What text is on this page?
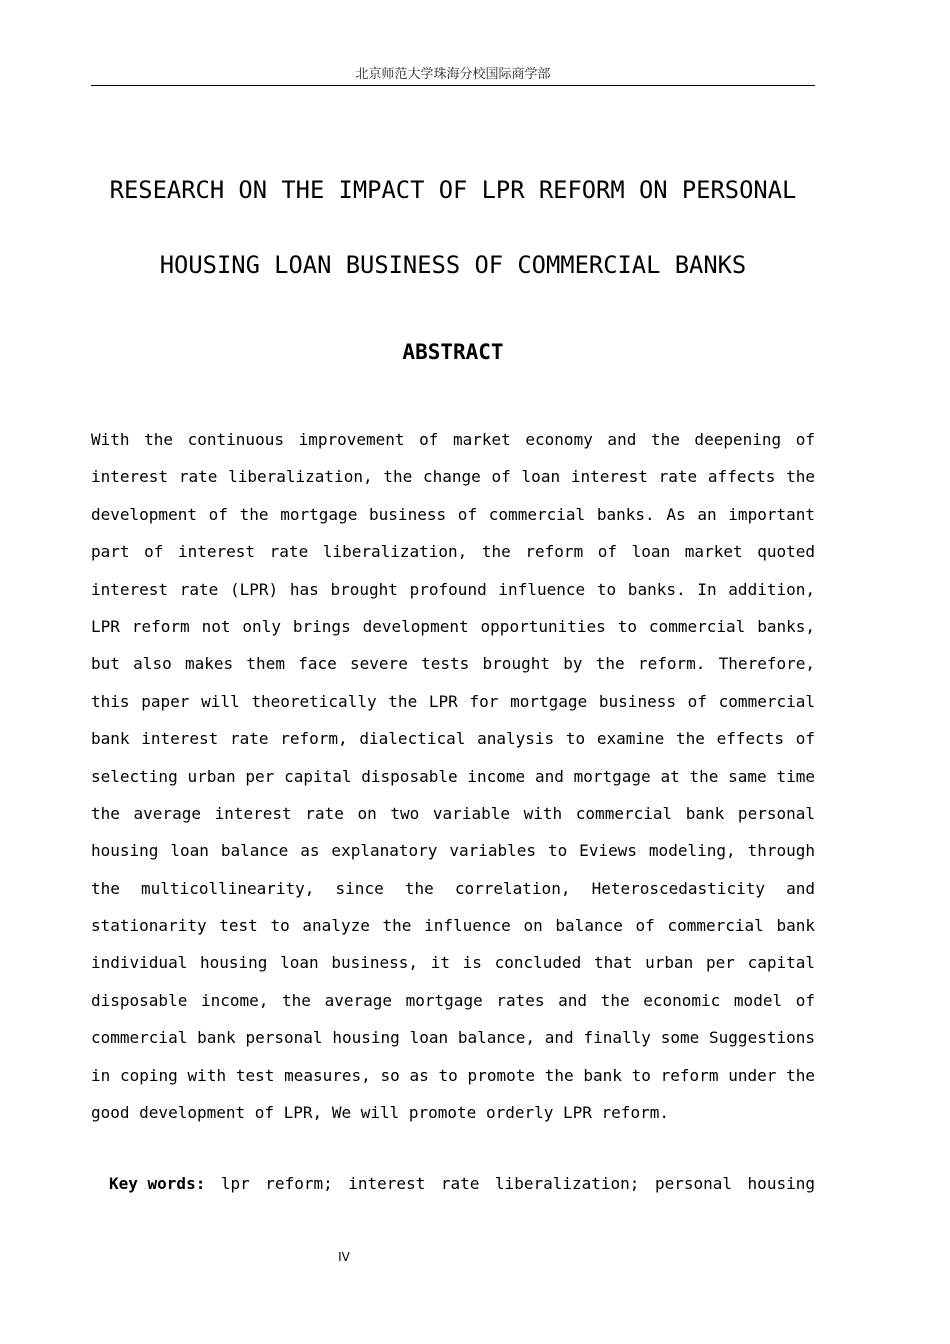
北京师范大学珠海分校国际商学部
RESEARCH ON THE IMPACT OF LPR REFORM ON PERSONAL
HOUSING LOAN BUSINESS OF COMMERCIAL BANKS
ABSTRACT
With the continuous improvement of market economy and the deepening of
interest rate liberalization, the change of loan interest rate affects the
development of the mortgage business of commercial banks. As an important
part of interest rate liberalization, the reform of loan market quoted
interest rate (LPR) has brought profound influence to banks. In addition,
LPR reform not only brings development opportunities to commercial banks,
but also makes them face severe tests brought by the reform. Therefore,
this paper will theoretically the LPR for mortgage business of commercial
bank interest rate reform, dialectical analysis to examine the effects of
selecting urban per capital disposable income and mortgage at the same time
the average interest rate on two variable with commercial bank personal
housing loan balance as explanatory variables to Eviews modeling, through
the multicollinearity, since the correlation, Heteroscedasticity and
stationarity test to analyze the influence on balance of commercial bank
individual housing loan business, it is concluded that urban per capital
disposable income, the average mortgage rates and the economic model of
commercial bank personal housing loan balance, and finally some Suggestions
in coping with test measures, so as to promote the bank to reform under the
good development of LPR, We will promote orderly LPR reform.
Key words: lpr reform; interest rate liberalization; personal housing
IV
